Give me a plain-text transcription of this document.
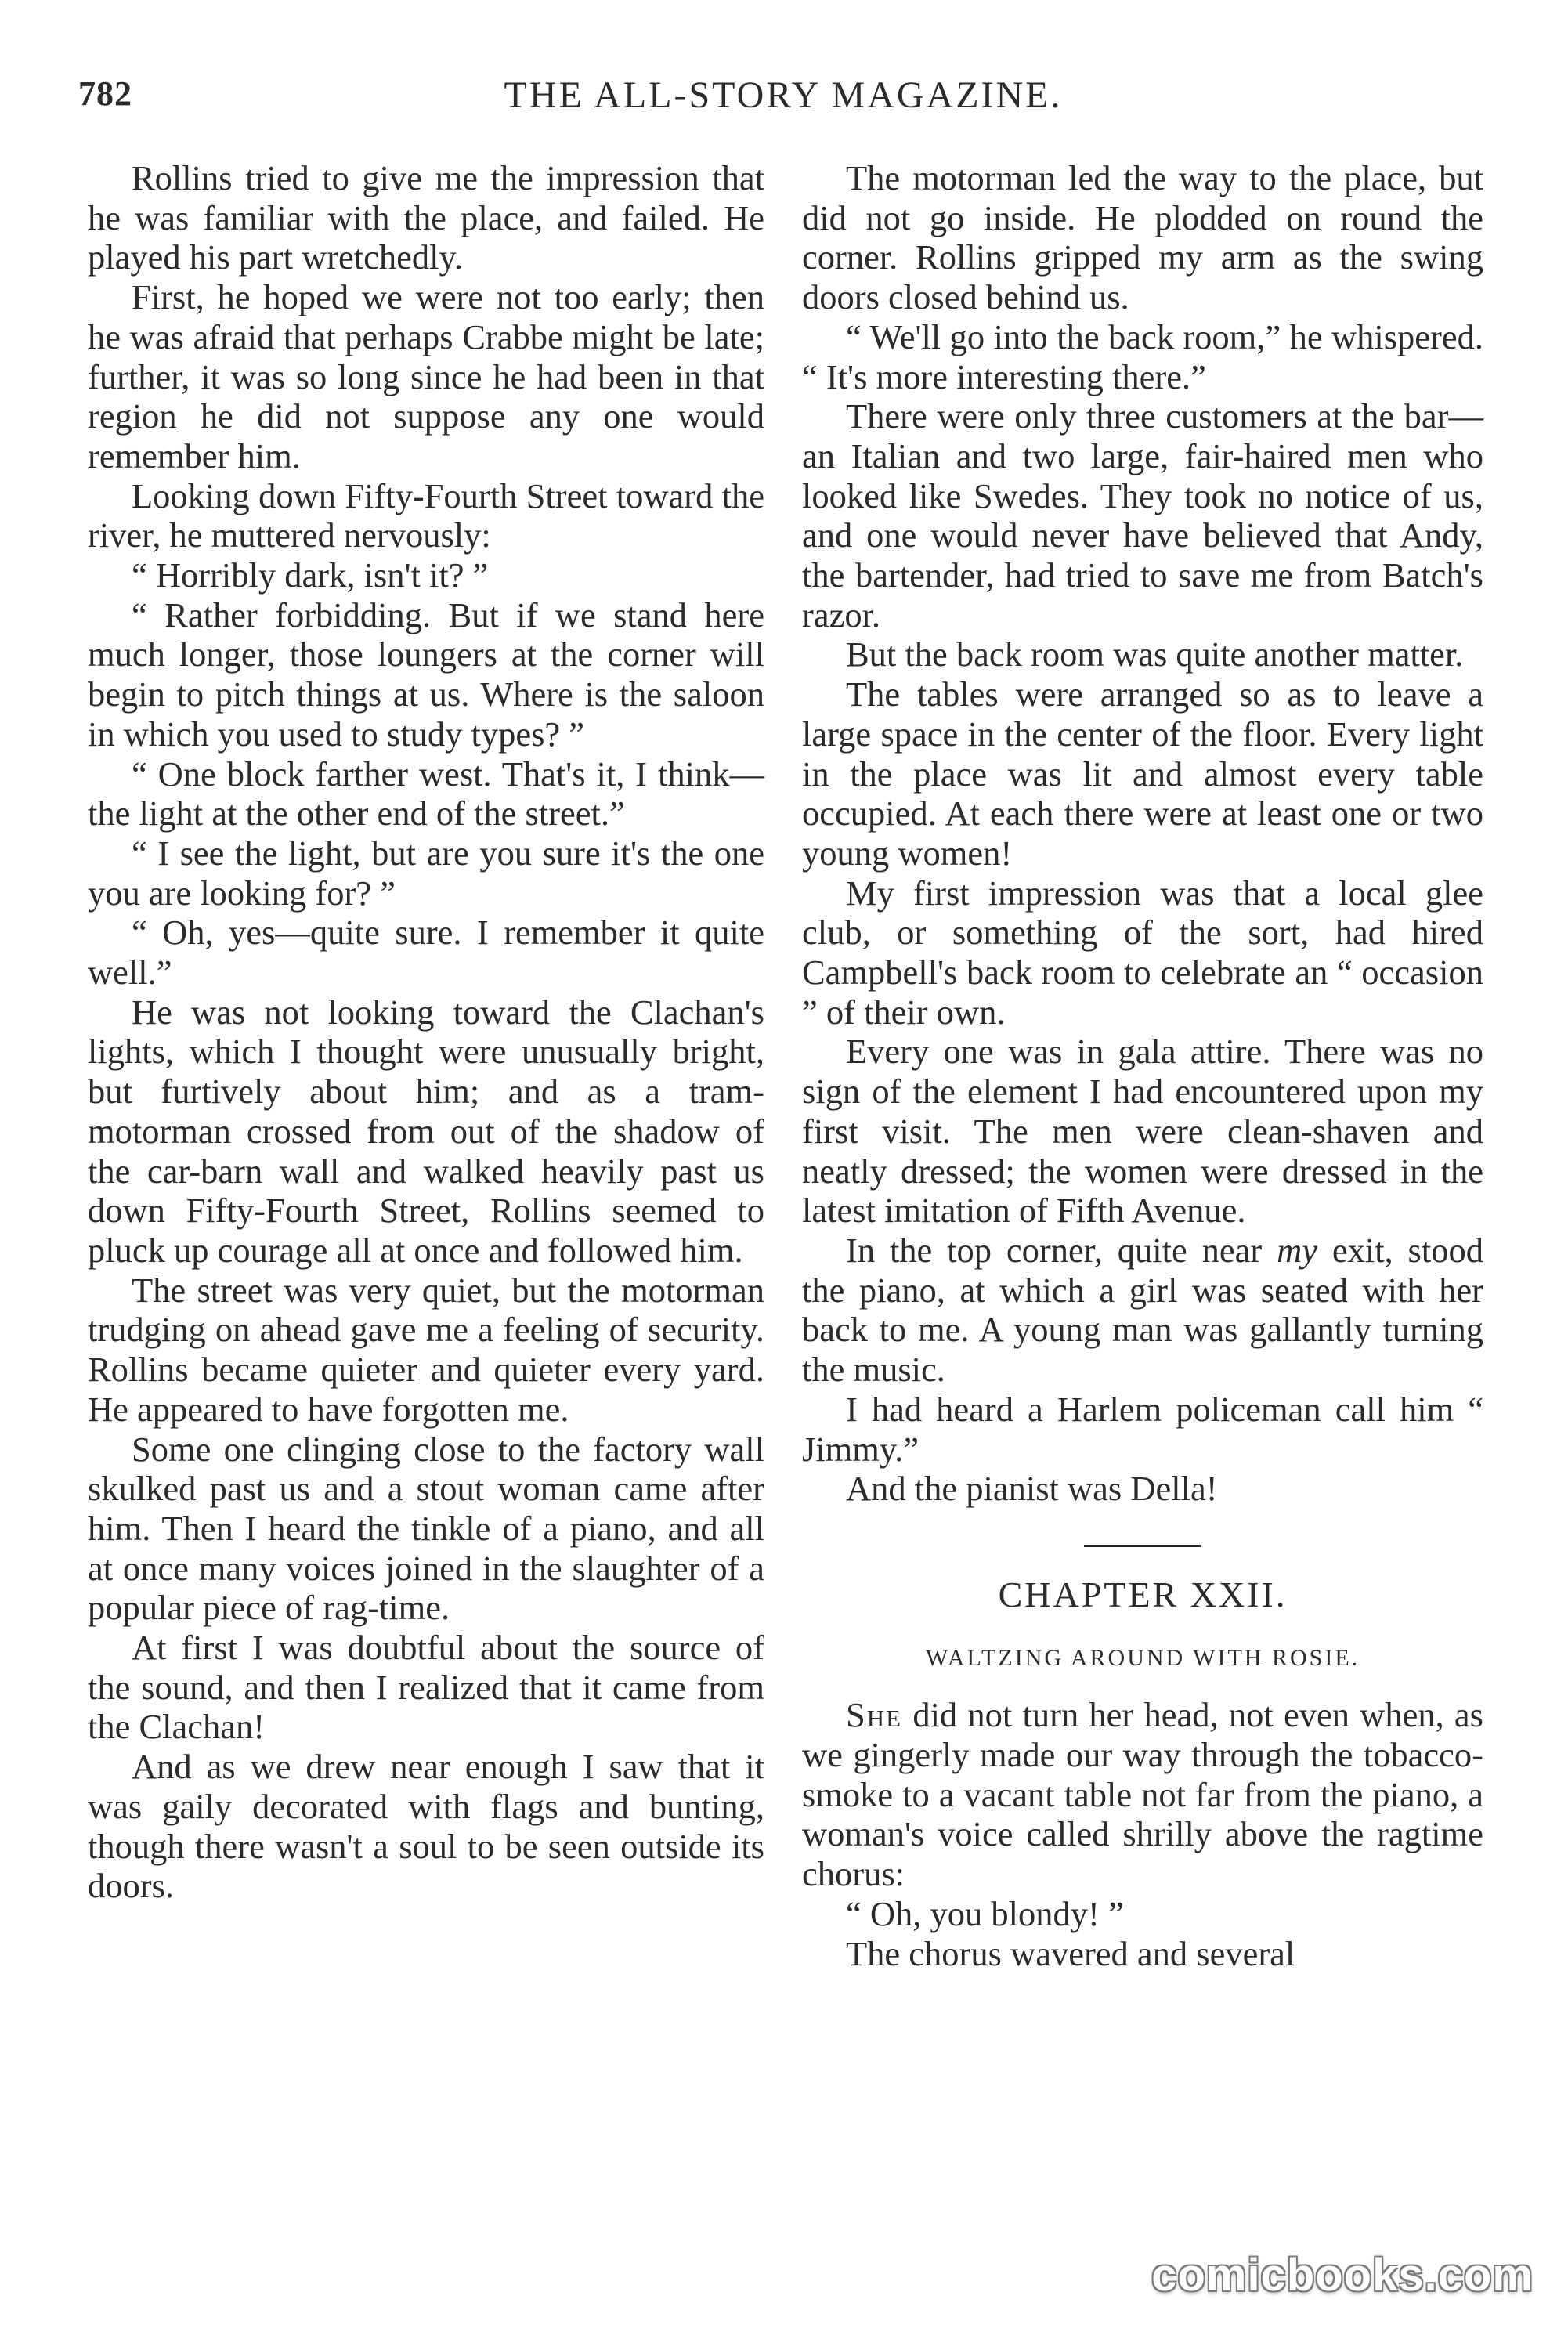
782	THE ALL-STORY MAGAZINE.

Rollins tried to give me the impression that he was familiar with the place, and failed. He played his part wretchedly.

First, he hoped we were not too early; then he was afraid that perhaps Crabbe might be late; further, it was so long since he had been in that region he did not suppose any one would remember him.

Looking down Fifty-Fourth Street toward the river, he muttered nervously:

“ Horribly dark, isn't it? ”

“ Rather forbidding. But if we stand here much longer, those loungers at the corner will begin to pitch things at us. Where is the saloon in which you used to study types? ”

“ One block farther west. That's it, I think—the light at the other end of the street.”

“ I see the light, but are you sure it's the one you are looking for? ”

“ Oh, yes—quite sure. I remember it quite well.”

He was not looking toward the Clachan's lights, which I thought were unusually bright, but furtively about him; and as a tram-motorman crossed from out of the shadow of the car-barn wall and walked heavily past us down Fifty-Fourth Street, Rollins seemed to pluck up courage all at once and followed him.

The street was very quiet, but the motorman trudging on ahead gave me a feeling of security. Rollins became quieter and quieter every yard. He appeared to have forgotten me.

Some one clinging close to the factory wall skulked past us and a stout woman came after him. Then I heard the tinkle of a piano, and all at once many voices joined in the slaughter of a popular piece of rag-time.

At first I was doubtful about the source of the sound, and then I realized that it came from the Clachan!

And as we drew near enough I saw that it was gaily decorated with flags and bunting, though there wasn't a soul to be seen outside its doors.

The motorman led the way to the place, but did not go inside. He plodded on round the corner. Rollins gripped my arm as the swing doors closed behind us.

“ We'll go into the back room,” he whispered. “ It's more interesting there.”

There were only three customers at the bar—an Italian and two large, fair-haired men who looked like Swedes. They took no notice of us, and one would never have believed that Andy, the bartender, had tried to save me from Batch's razor.

But the back room was quite another matter.

The tables were arranged so as to leave a large space in the center of the floor. Every light in the place was lit and almost every table occupied. At each there were at least one or two young women!

My first impression was that a local glee club, or something of the sort, had hired Campbell's back room to celebrate an “ occasion ” of their own.

Every one was in gala attire. There was no sign of the element I had encountered upon my first visit. The men were clean-shaven and neatly dressed; the women were dressed in the latest imitation of Fifth Avenue.

In the top corner, quite near my exit, stood the piano, at which a girl was seated with her back to me. A young man was gallantly turning the music.

I had heard a Harlem policeman call him “ Jimmy.”

And the pianist was Della!

CHAPTER XXII.
WALTZING AROUND WITH ROSIE.

She did not turn her head, not even when, as we gingerly made our way through the tobacco-smoke to a vacant table not far from the piano, a woman's voice called shrilly above the ragtime chorus:

“ Oh, you blondy! ”

The chorus wavered and several

comicbooks.com
